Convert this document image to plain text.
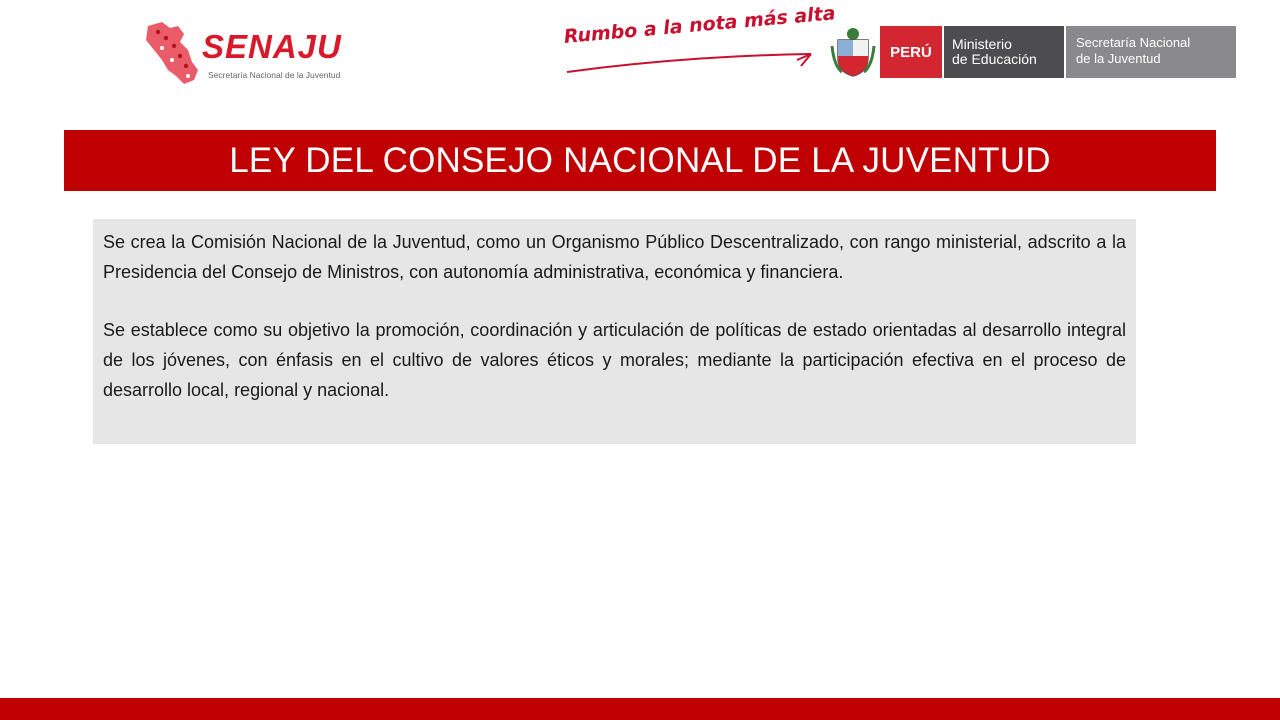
SENAJU
Secretaría Nacional de la Juventud
Rumbo a la nota más alta
PERÚ	Ministerio
de Educación
Secretaría Nacional
de la Juventud
LEY DEL CONSEJO NACIONAL DE LA JUVENTUD

Se crea la Comisión Nacional de la Juventud, como un Organismo Público Descentralizado, con rango ministerial, adscrito a la Presidencia del Consejo de Ministros, con autonomía administrativa, económica y financiera.

Se establece como su objetivo la promoción, coordinación y articulación de políticas de estado orientadas al desarrollo integral de los jóvenes, con énfasis en el cultivo de valores éticos y morales; mediante la participación efectiva en el proceso de desarrollo local, regional y nacional.
